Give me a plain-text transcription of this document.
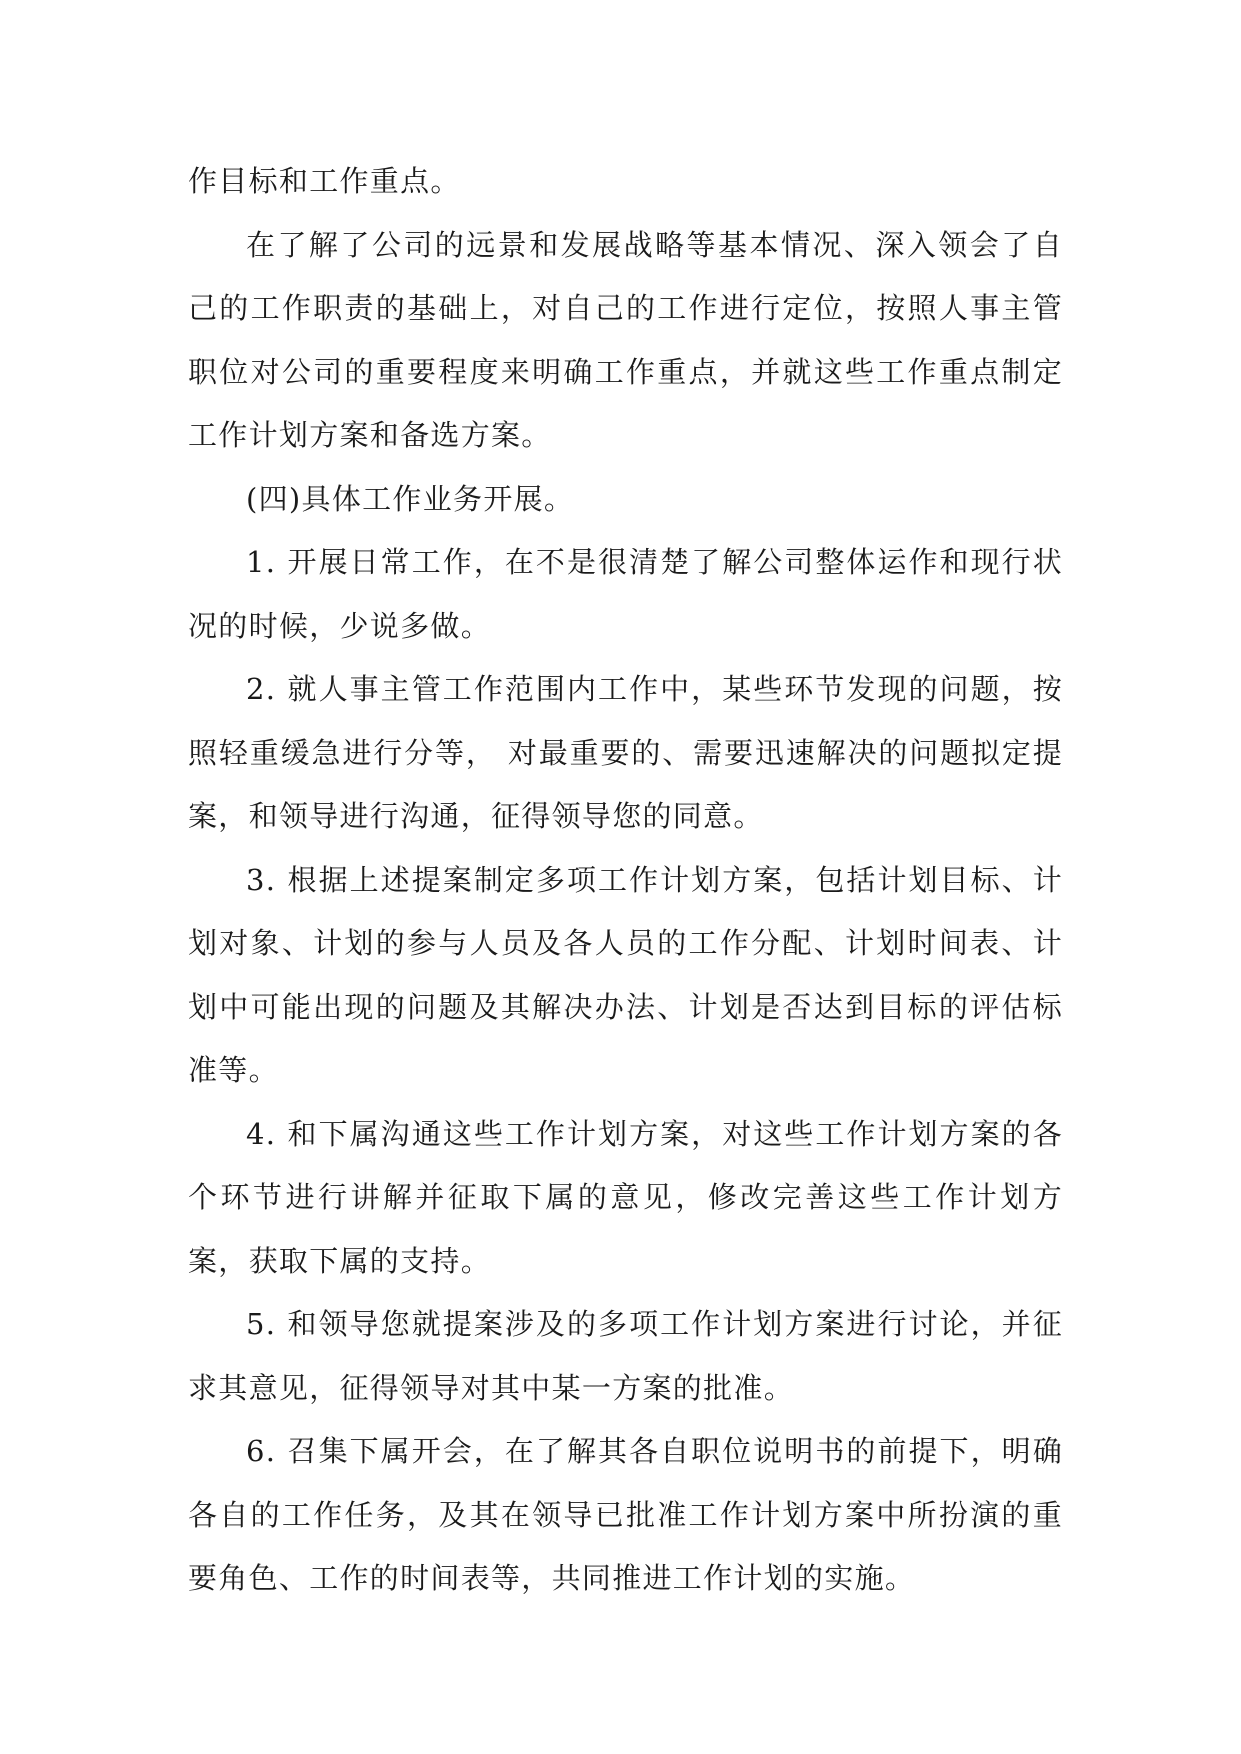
作目标和工作重点。

在了解了公司的远景和发展战略等基本情况、深入领会了自己的工作职责的基础上，对自己的工作进行定位，按照人事主管职位对公司的重要程度来明确工作重点，并就这些工作重点制定工作计划方案和备选方案。

(四)具体工作业务开展。

1. 开展日常工作，在不是很清楚了解公司整体运作和现行状况的时候，少说多做。

2. 就人事主管工作范围内工作中，某些环节发现的问题，按照轻重缓急进行分等， 对最重要的、需要迅速解决的问题拟定提案，和领导进行沟通，征得领导您的同意。

3. 根据上述提案制定多项工作计划方案，包括计划目标、计划对象、计划的参与人员及各人员的工作分配、计划时间表、计划中可能出现的问题及其解决办法、计划是否达到目标的评估标准等。

4. 和下属沟通这些工作计划方案，对这些工作计划方案的各个环节进行讲解并征取下属的意见，修改完善这些工作计划方案，获取下属的支持。

5. 和领导您就提案涉及的多项工作计划方案进行讨论，并征求其意见，征得领导对其中某一方案的批准。

6. 召集下属开会，在了解其各自职位说明书的前提下，明确各自的工作任务，及其在领导已批准工作计划方案中所扮演的重要角色、工作的时间表等，共同推进工作计划的实施。
